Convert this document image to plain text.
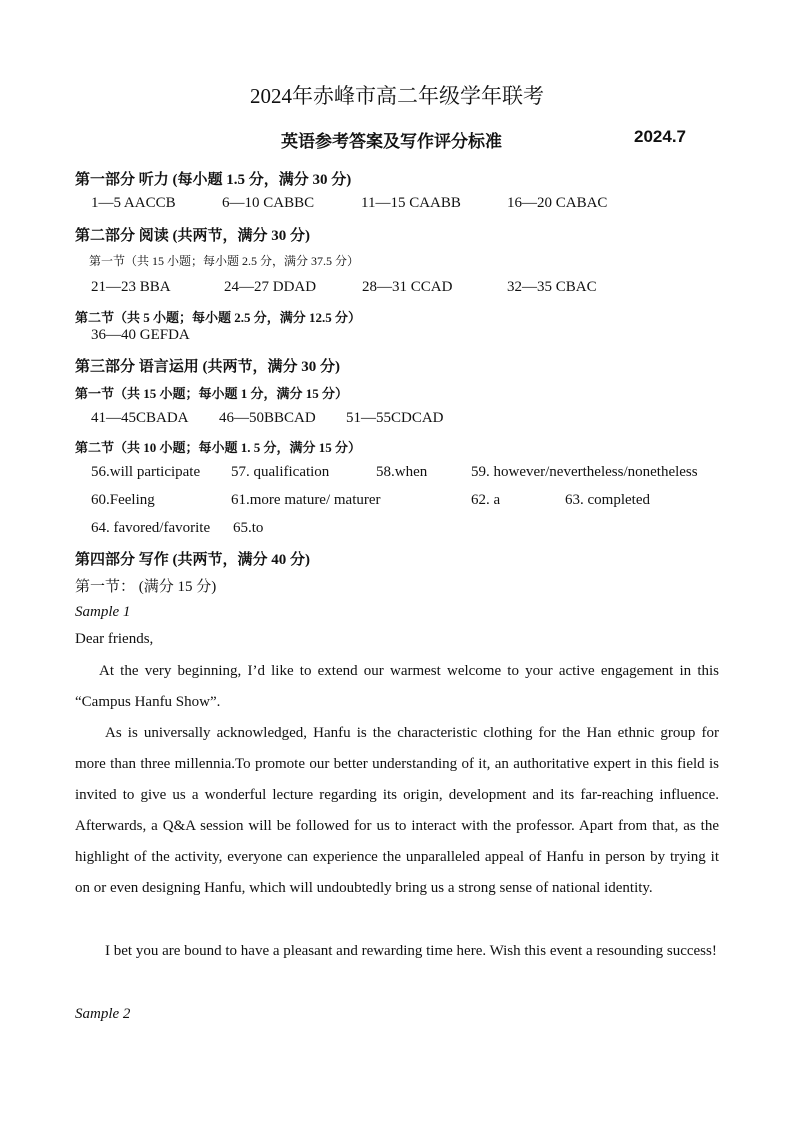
2024年赤峰市高二年级学年联考
英语参考答案及写作评分标准	2024.7
第一部分 听力 (每小题 1.5 分，满分 30 分)
1—5 AACCB	6—10 CABBC	11—15 CAABB	16—20 CABAC
第二部分 阅读 (共两节，满分 30 分)
第一节（共 15 小题；每小题 2.5 分，满分 37.5 分）
21—23 BBA	24—27 DDAD	28—31 CCAD	32—35 CBAC
第二节（共 5 小题；每小题 2.5 分，满分 12.5 分）
36—40 GEFDA
第三部分 语言运用 (共两节，满分 30 分)
第一节（共 15 小题；每小题 1 分，满分 15 分）
41—45CBADA 46—50BBCAD 51—55CDCAD
第二节（共 10 小题；每小题 1. 5 分，满分 15 分）
56.will participate 57. qualification	58.when	59. however/nevertheless/nonetheless
60.Feeling	61.more mature/ maturer	62. a	63. completed
64. favored/favorite 65.to
第四部分 写作 (共两节，满分 40 分)
第一节： (满分 15 分)
Sample 1
Dear friends,
At the very beginning, I’d like to extend our warmest welcome to your active engagement in this “Campus Hanfu Show”.
As is universally acknowledged, Hanfu is the characteristic clothing for the Han ethnic group for more than three millennia.To promote our better understanding of it, an authoritative expert in this field is invited to give us a wonderful lecture regarding its origin, development and its far-reaching influence. Afterwards, a Q&A session will be followed for us to interact with the professor. Apart from that, as the highlight of the activity, everyone can experience the unparalleled appeal of Hanfu in person by trying it on or even designing Hanfu, which will undoubtedly bring us a strong sense of national identity.
I bet you are bound to have a pleasant and rewarding time here. Wish this event a resounding success!
Sample 2
